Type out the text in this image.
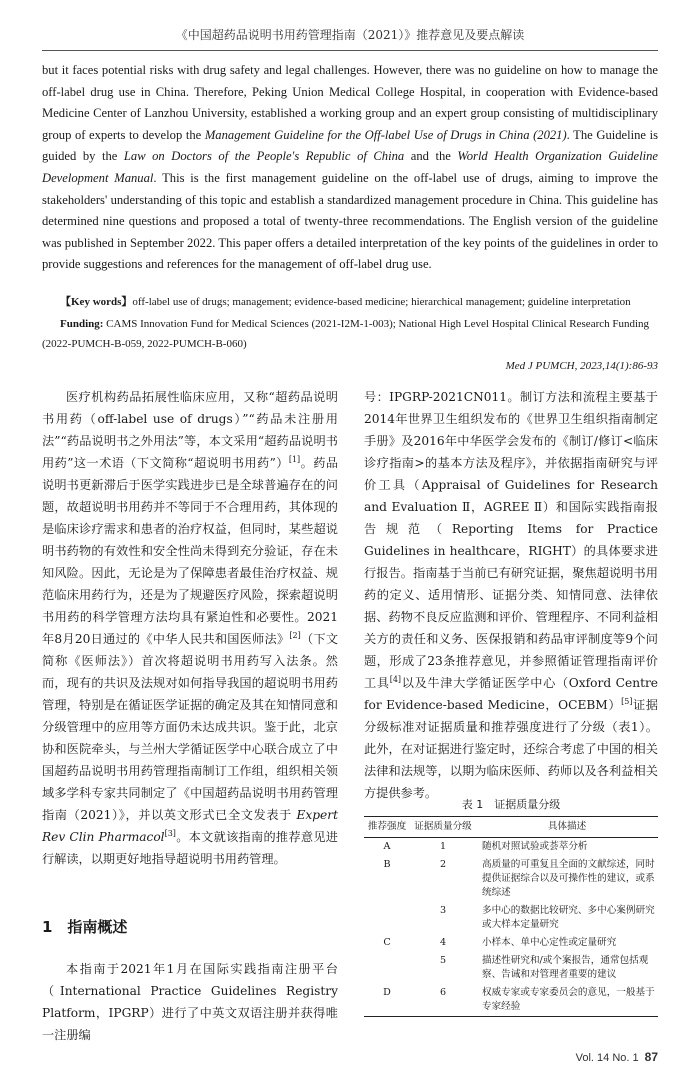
《中国超药品说明书用药管理指南（2021）》推荐意见及要点解读

but it faces potential risks with drug safety and legal challenges. However, there was no guideline on how to manage the off-label drug use in China. Therefore, Peking Union Medical College Hospital, in cooperation with Evidence-based Medicine Center of Lanzhou University, established a working group and an expert group consisting of multidisciplinary group of experts to develop the Management Guideline for the Off-label Use of Drugs in China (2021). The Guideline is guided by the Law on Doctors of the People's Republic of China and the World Health Organization Guideline Development Manual. This is the first management guideline on the off-label use of drugs, aiming to improve the stakeholders' understanding of this topic and establish a standardized management procedure in China. This guideline has determined nine questions and proposed a total of twenty-three recommendations. The English version of the guideline was published in September 2022. This paper offers a detailed interpretation of the key points of the guidelines in order to provide suggestions and references for the management of off-label drug use.

【Key words】off-label use of drugs; management; evidence-based medicine; hierarchical management; guideline interpretation

Funding: CAMS Innovation Fund for Medical Sciences (2021-I2M-1-003); National High Level Hospital Clinical Research Funding (2022-PUMCH-B-059, 2022-PUMCH-B-060)

Med J PUMCH, 2023,14(1):86-93

医疗机构药品拓展性临床应用，又称“超药品说明书用药（off-label use of drugs）”“药品未注册用法”“药品说明书之外用法”等，本文采用“超药品说明书用药”这一术语（下文简称“超说明书用药”）[1]。药品说明书更新滞后于医学实践进步已是全球普遍存在的问题，故超说明书用药并不等同于不合理用药，其体现的是临床诊疗需求和患者的治疗权益，但同时，某些超说明书药物的有效性和安全性尚未得到充分验证，存在未知风险。因此，无论是为了保障患者最佳治疗权益、规范临床用药行为，还是为了规避医疗风险，探索超说明书用药的科学管理方法均具有紧迫性和必要性。2021年8月20日通过的《中华人民共和国医师法》[2]（下文简称《医师法》）首次将超说明书用药写入法条。然而，现有的共识及法规对如何指导我国的超说明书用药管理，特别是在循证医学证据的确定及其在知情同意和分级管理中的应用等方面仍未达成共识。鉴于此，北京协和医院牵头，与兰州大学循证医学中心联合成立了中国超药品说明书用药管理指南制订工作组，组织相关领域多学科专家共同制定了《中国超药品说明书用药管理指南（2021）》，并以英文形式已全文发表于 Expert Rev Clin Pharmacol[3]。本文就该指南的推荐意见进行解读，以期更好地指导超说明书用药管理。

1　指南概述

本指南于2021年1月在国际实践指南注册平台（International Practice Guidelines Registry Platform，IPGRP）进行了中英文双语注册并获得唯一注册编

号：IPGRP-2021CN011。制订方法和流程主要基于2014年世界卫生组织发布的《世界卫生组织指南制定手册》及2016年中华医学会发布的《制订/修订<临床诊疗指南>的基本方法及程序》，并依据指南研究与评价工具（Appraisal of Guidelines for Research and Evaluation Ⅱ，AGREE Ⅱ）和国际实践指南报告规范（Reporting Items for Practice Guidelines in healthcare，RIGHT）的具体要求进行报告。指南基于当前已有研究证据，聚焦超说明书用药的定义、适用情形、证据分类、知情同意、法律依据、药物不良反应监测和评价、管理程序、不同利益相关方的责任和义务、医保报销和药品审评制度等9个问题，形成了23条推荐意见，并参照循证管理指南评价工具[4]以及牛津大学循证医学中心（Oxford Centre for Evidence-based Medicine，OCEBM）[5]证据分级标准对证据质量和推荐强度进行了分级（表1）。此外，在对证据进行鉴定时，还综合考虑了中国的相关法律和法规等，以期为临床医师、药师以及各利益相关方提供参考。

表 1　证据质量分级
推荐强度	证据质量分级	具体描述
A	1	随机对照试验或荟萃分析
B	2	高质量的可重复且全面的文献综述，同时提供证据综合以及可操作性的建议，或系统综述
	3	多中心的数据比较研究、多中心案例研究或大样本定量研究
C	4	小样本、单中心定性或定量研究
	5	描述性研究和/或个案报告，通常包括观察、告诫和对管理者重要的建议
D	6	权威专家或专家委员会的意见，一般基于专家经验
Vol. 14 No. 1 87
